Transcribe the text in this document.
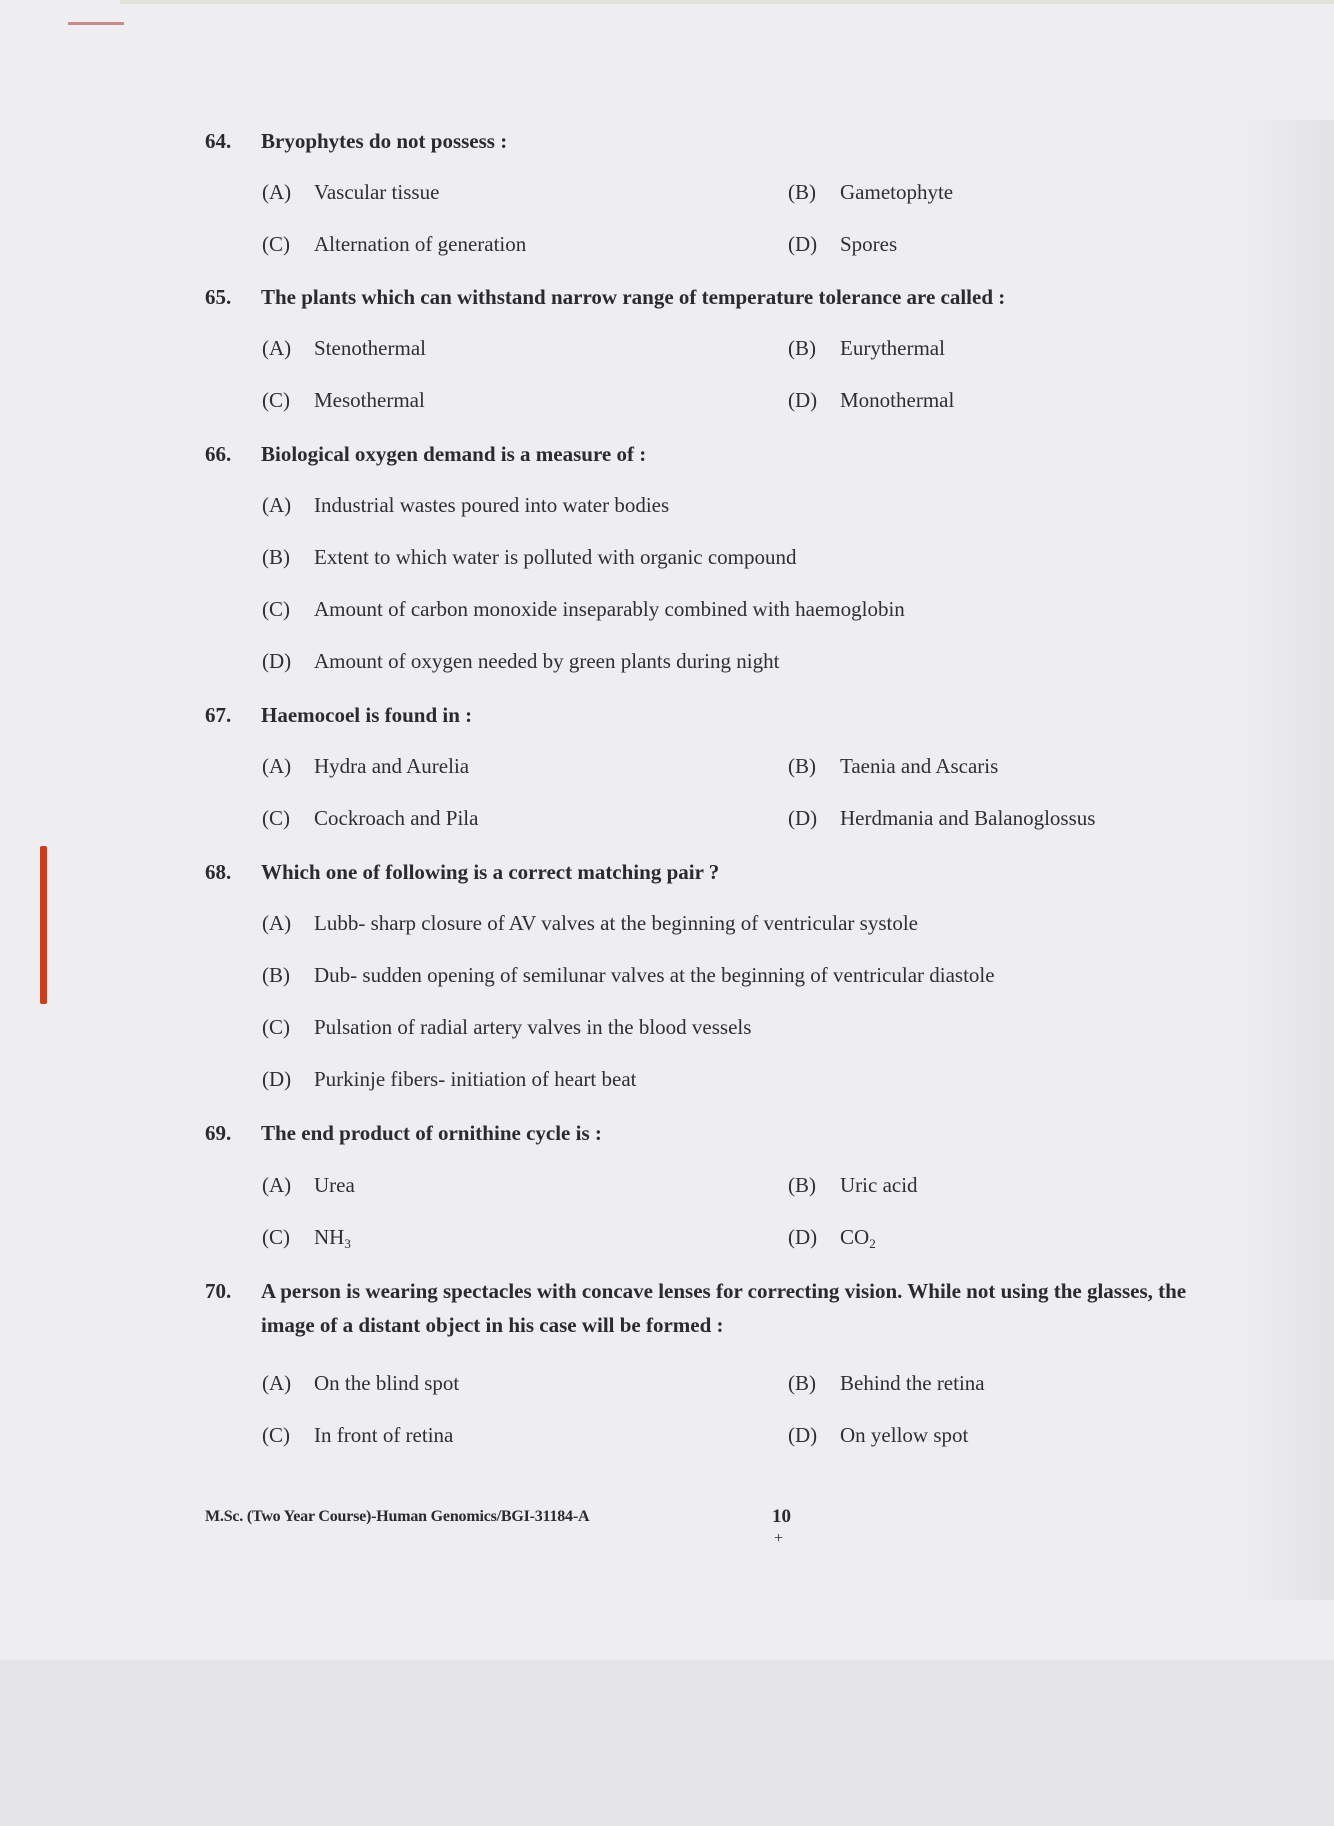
64. Bryophytes do not possess :
(A) Vascular tissue	(B) Gametophyte
(C) Alternation of generation	(D) Spores
65. The plants which can withstand narrow range of temperature tolerance are called :
(A) Stenothermal	(B) Eurythermal
(C) Mesothermal	(D) Monothermal
66. Biological oxygen demand is a measure of :
(A) Industrial wastes poured into water bodies
(B) Extent to which water is polluted with organic compound
(C) Amount of carbon monoxide inseparably combined with haemoglobin
(D) Amount of oxygen needed by green plants during night
67. Haemocoel is found in :
(A) Hydra and Aurelia	(B) Taenia and Ascaris
(C) Cockroach and Pila	(D) Herdmania and Balanoglossus
68. Which one of following is a correct matching pair ?
(A) Lubb- sharp closure of AV valves at the beginning of ventricular systole
(B) Dub- sudden opening of semilunar valves at the beginning of ventricular diastole
(C) Pulsation of radial artery valves in the blood vessels
(D) Purkinje fibers- initiation of heart beat
69. The end product of ornithine cycle is :
(A) Urea	(B) Uric acid
(C) $NH_3$	(D) $CO_2$
70. A person is wearing spectacles with concave lenses for correcting vision. While not using the glasses, the image of a distant object in his case will be formed :
(A) On the blind spot	(B) Behind the retina
(C) In front of retina	(D) On yellow spot
M.Sc. (Two Year Course)-Human Genomics/BGI-31184-A	10
+
